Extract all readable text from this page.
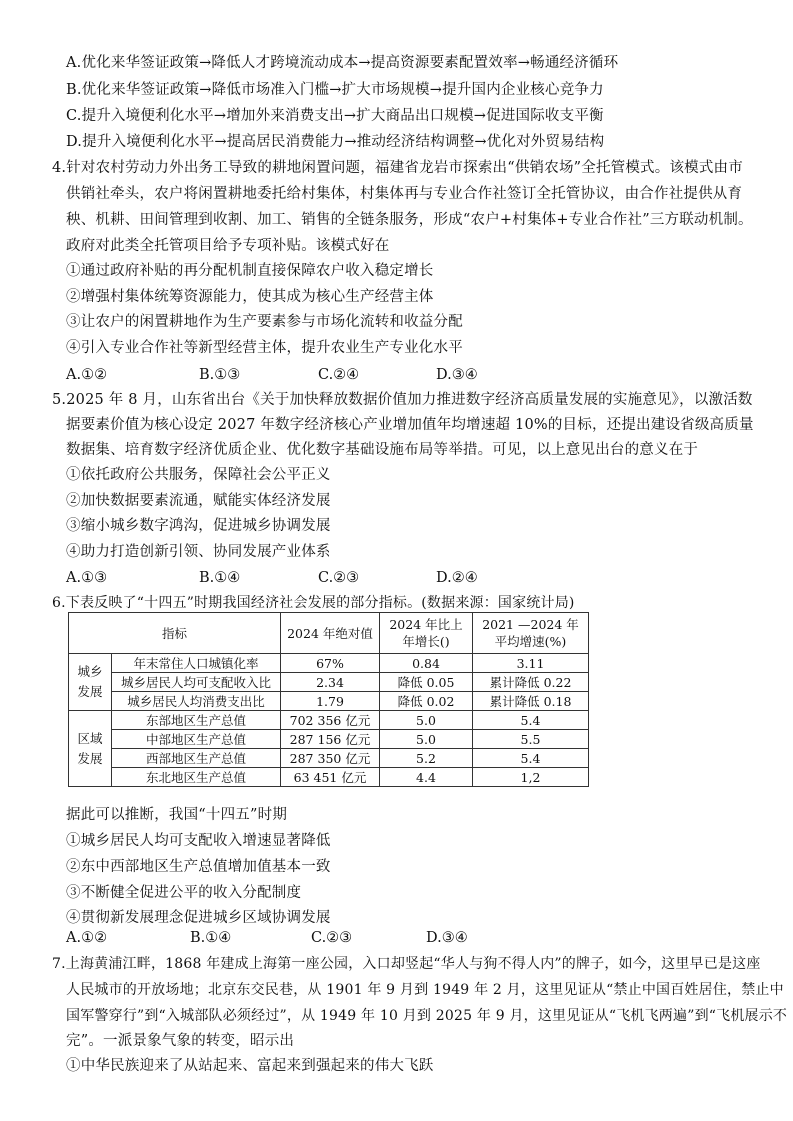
A.优化来华签证政策→降低人才跨境流动成本→提高资源要素配置效率→畅通经济循环
B.优化来华签证政策→降低市场准入门槛→扩大市场规模→提升国内企业核心竞争力
C.提升入境便利化水平→增加外来消费支出→扩大商品出口规模→促进国际收支平衡
D.提升入境便利化水平→提高居民消费能力→推动经济结构调整→优化对外贸易结构
4.针对农村劳动力外出务工导致的耕地闲置问题，福建省龙岩市探索出“供销农场”全托管模式。该模式由市
供销社牵头，农户将闲置耕地委托给村集体，村集体再与专业合作社签订全托管协议，由合作社提供从育
秧、机耕、田间管理到收割、加工、销售的全链条服务，形成“农户+村集体+专业合作社”三方联动机制。
政府对此类全托管项目给予专项补贴。该模式好在
①通过政府补贴的再分配机制直接保障农户收入稳定增长
②增强村集体统筹资源能力，使其成为核心生产经营主体
③让农户的闲置耕地作为生产要素参与市场化流转和收益分配
④引入专业合作社等新型经营主体，提升农业生产专业化水平
A.①②	B.①③	C.②④	D.③④
5.2025 年 8 月，山东省出台《关于加快释放数据价值加力推进数字经济高质量发展的实施意见》，以激活数
据要素价值为核心设定 2027 年数字经济核心产业增加值年均增速超 10%的目标，还提出建设省级高质量
数据集、培育数字经济优质企业、优化数字基础设施布局等举措。可见，以上意见出台的意义在于
①依托政府公共服务，保障社会公平正义
②加快数据要素流通，赋能实体经济发展
③缩小城乡数字鸿沟，促进城乡协调发展
④助力打造创新引领、协同发展产业体系
A.①③	B.①④	C.②③	D.②④
6.下表反映了“十四五”时期我国经济社会发展的部分指标。(数据来源：国家统计局)
指标		2024 年绝对值	2024 年比上年增长()	2021 —2024 年平均增速(%)
城乡发展	年末常住人口城镇化率	67%	0.84	3.11
	城乡居民人均可支配收入比	2.34	降低 0.05	累计降低 0.22
	城乡居民人均消费支出比	1.79	降低 0.02	累计降低 0.18
区域发展	东部地区生产总值	702 356 亿元	5.0	5.4
	中部地区生产总值	287 156 亿元	5.0	5.5
	西部地区生产总值	287 350 亿元	5.2	5.4
	东北地区生产总值	63 451 亿元	4.4	1,2
据此可以推断，我国“十四五”时期
①城乡居民人均可支配收入增速显著降低
②东中西部地区生产总值增加值基本一致
③不断健全促进公平的收入分配制度
④贯彻新发展理念促进城乡区域协调发展
A.①②	B.①④	C.②③	D.③④
7.上海黄浦江畔，1868 年建成上海第一座公园，入口却竖起“华人与狗不得人内”的牌子，如今，这里早已是这座
人民城市的开放场地；北京东交民巷，从 1901 年 9 月到 1949 年 2 月，这里见证从“禁止中国百姓居住，禁止中
国军警穿行”到“入城部队必须经过”，从 1949 年 10 月到 2025 年 9 月，这里见证从“飞机飞两遍”到“飞机展示不
完”。一派景象气象的转变，昭示出
①中华民族迎来了从站起来、富起来到强起来的伟大飞跃
